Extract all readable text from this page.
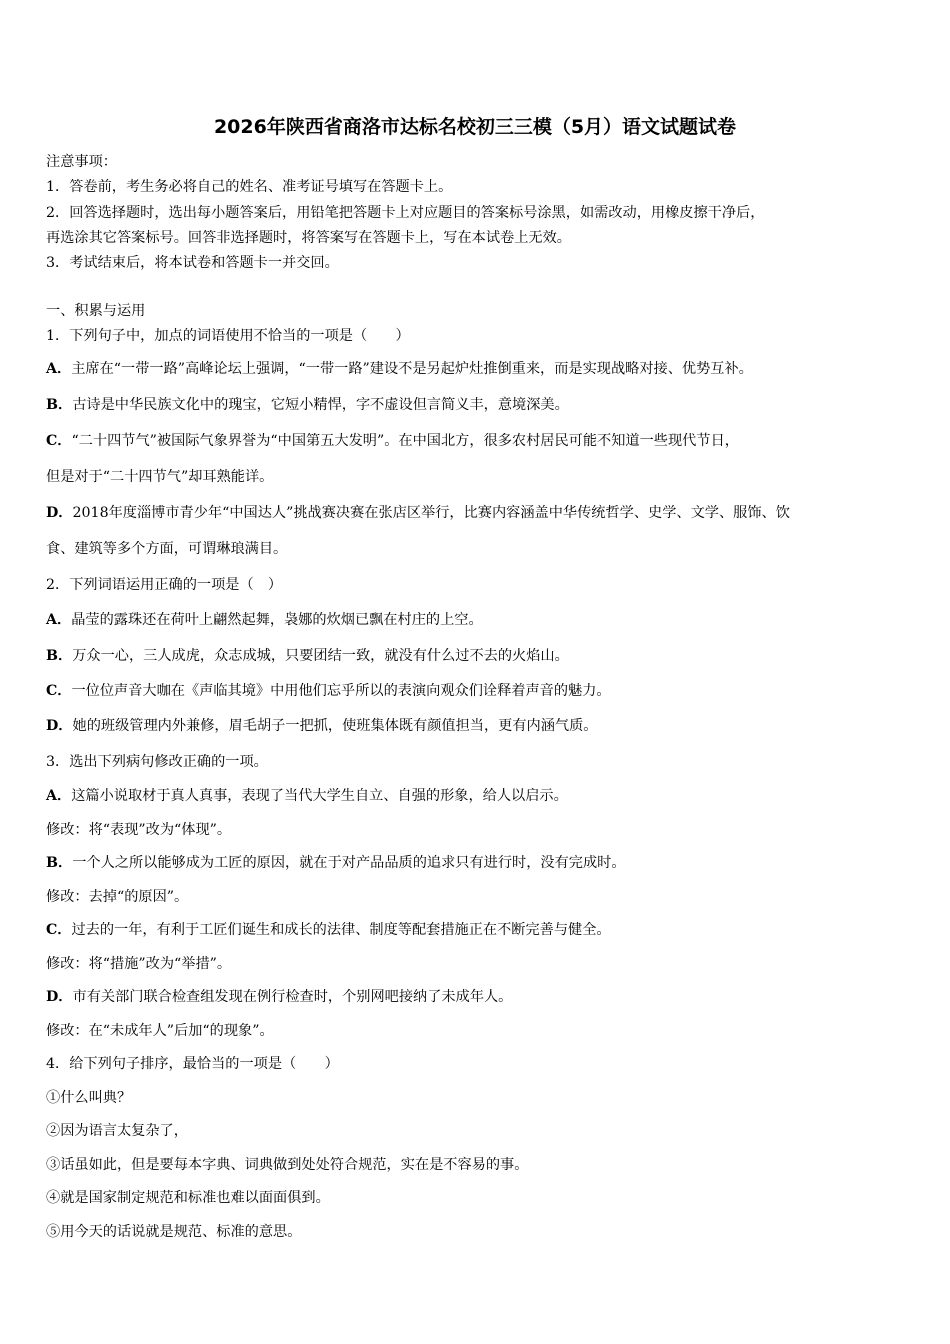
2026年陕西省商洛市达标名校初三三模（5月）语文试题试卷
注意事项：
1．答卷前，考生务必将自己的姓名、准考证号填写在答题卡上。
2．回答选择题时，选出每小题答案后，用铅笔把答题卡上对应题目的答案标号涂黑，如需改动，用橡皮擦干净后，
再选涂其它答案标号。回答非选择题时，将答案写在答题卡上，写在本试卷上无效。
3．考试结束后，将本试卷和答题卡一并交回。
一、积累与运用
1．下列句子中，加点的词语使用不恰当的一项是（　　）
A．主席在“一带一路”高峰论坛上强调，“一带一路”建设不是另起炉灶推倒重来，而是实现战略对接、优势互补。
B．古诗是中华民族文化中的瑰宝，它短小精悍，字不虚设但言简义丰，意境深美。
C．“二十四节气”被国际气象界誉为“中国第五大发明”。在中国北方，很多农村居民可能不知道一些现代节日，
但是对于“二十四节气”却耳熟能详。
D．2018年度淄博市青少年“中国达人”挑战赛决赛在张店区举行，比赛内容涵盖中华传统哲学、史学、文学、服饰、饮
食、建筑等多个方面，可谓琳琅满目。
2．下列词语运用正确的一项是（　）
A．晶莹的露珠还在荷叶上翩然起舞，袅娜的炊烟已飘在村庄的上空。
B．万众一心，三人成虎，众志成城，只要团结一致，就没有什么过不去的火焰山。
C．一位位声音大咖在《声临其境》中用他们忘乎所以的表演向观众们诠释着声音的魅力。
D．她的班级管理内外兼修，眉毛胡子一把抓，使班集体既有颜值担当，更有内涵气质。
3．选出下列病句修改正确的一项。
A．这篇小说取材于真人真事，表现了当代大学生自立、自强的形象，给人以启示。
修改：将“表现”改为“体现”。
B．一个人之所以能够成为工匠的原因，就在于对产品品质的追求只有进行时，没有完成时。
修改：去掉“的原因”。
C．过去的一年，有利于工匠们诞生和成长的法律、制度等配套措施正在不断完善与健全。
修改：将“措施”改为“举措”。
D．市有关部门联合检查组发现在例行检查时，个别网吧接纳了未成年人。
修改：在“未成年人”后加“的现象”。
4．给下列句子排序，最恰当的一项是（　　）
①什么叫典？
②因为语言太复杂了，
③话虽如此，但是要每本字典、词典做到处处符合规范，实在是不容易的事。
④就是国家制定规范和标准也难以面面俱到。
⑤用今天的话说就是规范、标准的意思。
